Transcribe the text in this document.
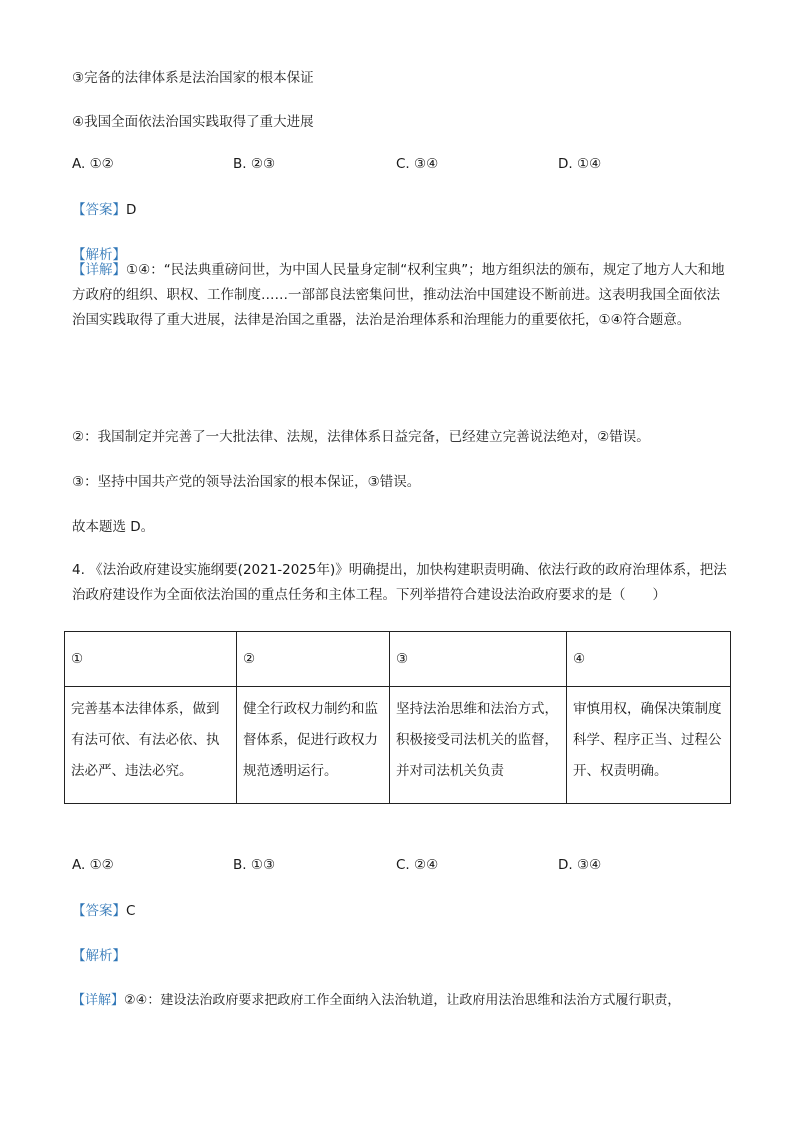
③完备的法律体系是法治国家的根本保证
④我国全面依法治国实践取得了重大进展
A. ①②	B. ②③	C. ③④	D. ①④
【答案】D
【解析】
【详解】①④：“民法典重磅问世，为中国人民量身定制“权利宝典”；地方组织法的颁布，规定了地方人大和地方政府的组织、职权、工作制度……一部部良法密集问世，推动法治中国建设不断前进。这表明我国全面依法治国实践取得了重大进展，法律是治国之重器，法治是治理体系和治理能力的重要依托，①④符合题意。
②：我国制定并完善了一大批法律、法规，法律体系日益完备，已经建立完善说法绝对，②错误。
③：坚持中国共产党的领导法治国家的根本保证，③错误。
故本题选 D。
4. 《法治政府建设实施纲要(2021-2025年)》明确提出，加快构建职责明确、依法行政的政府治理体系，把法治政府建设作为全面依法治国的重点任务和主体工程。下列举措符合建设法治政府要求的是（　　）
①	②	③	④
完善基本法律体系，做到有法可依、有法必依、执法必严、违法必究。	健全行政权力制约和监督体系，促进行政权力规范透明运行。	坚持法治思维和法治方式，积极接受司法机关的监督，并对司法机关负责	审慎用权，确保决策制度科学、程序正当、过程公开、权责明确。
A. ①②	B. ①③	C. ②④	D. ③④
【答案】C
【解析】
【详解】②④：建设法治政府要求把政府工作全面纳入法治轨道，让政府用法治思维和法治方式履行职责，
